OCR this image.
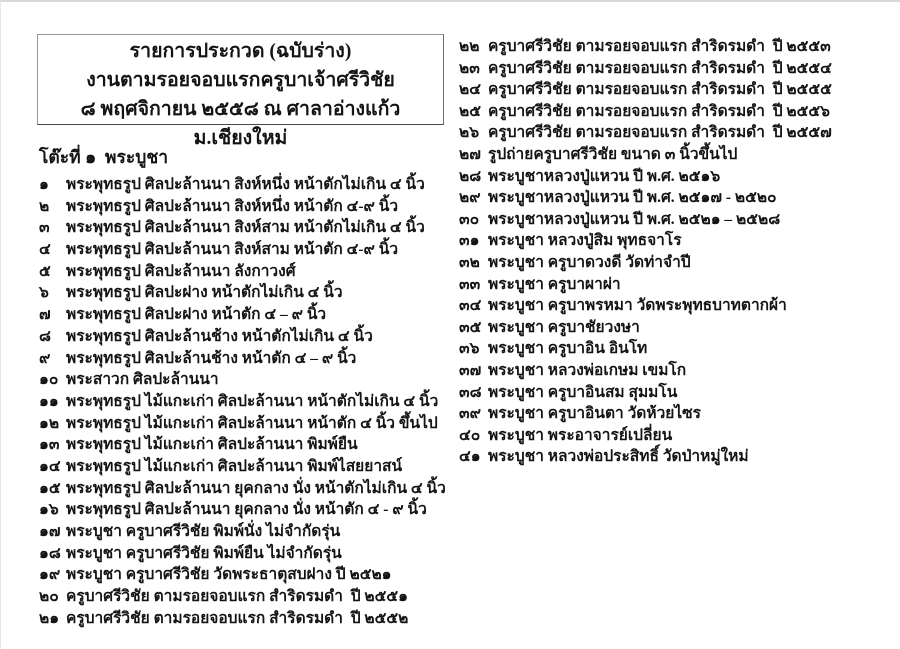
รายการประกวด (ฉบับร่าง)
งานตามรอยจอบแรกครูบาเจ้าศรีวิชัย
๘ พฤศจิกายน ๒๕๕๘ ณ ศาลาอ่างแก้ว ม.เชียงใหม่
โต๊ะที่ ๑  พระบูชา
๑	พระพุทธรูป ศิลปะล้านนา สิงห์หนึ่ง หน้าตักไม่เกิน ๔ นิ้ว
๒	พระพุทธรูป ศิลปะล้านนา สิงห์หนึ่ง หน้าตัก ๔-๙ นิ้ว
๓	พระพุทธรูป ศิลปะล้านนา สิงห์สาม หน้าตักไม่เกิน ๔ นิ้ว
๔ พระพุทธรูป ศิลปะล้านนา สิงห์สาม หน้าตัก ๔-๙ นิ้ว
๕ พระพุทธรูป ศิลปะล้านนา ลังกาวงศ์
๖	พระพุทธรูป ศิลปะฝาง หน้าตักไม่เกิน ๔ นิ้ว
๗ พระพุทธรูป ศิลปะฝาง หน้าตัก ๔ – ๙ นิ้ว
๘ พระพุทธรูป ศิลปะล้านช้าง หน้าตักไม่เกิน ๔ นิ้ว
๙	พระพุทธรูป ศิลปะล้านช้าง หน้าตัก ๔ – ๙ นิ้ว
๑๐ พระสาวก ศิลปะล้านนา
๑๑ พระพุทธรูป ไม้แกะเก่า ศิลปะล้านนา หน้าตักไม่เกิน ๔ นิ้ว
๑๒ พระพุทธรูป ไม้แกะเก่า ศิลปะล้านนา หน้าตัก ๔ นิ้ว ขึ้นไป
๑๓ พระพุทธรูป ไม้แกะเก่า ศิลปะล้านนา พิมพ์ยืน
๑๔ พระพุทธรูป ไม้แกะเก่า ศิลปะล้านนา พิมพ์ไสยยาสน์
๑๕ พระพุทธรูป ศิลปะล้านนา ยุคกลาง นั่ง หน้าตักไม่เกิน ๔ นิ้ว
๑๖ พระพุทธรูป ศิลปะล้านนา ยุคกลาง นั่ง หน้าตัก ๔ - ๙ นิ้ว
๑๗ พระบูชา ครูบาศรีวิชัย พิมพ์นั่ง ไม่จำกัดรุ่น
๑๘ พระบูชา ครูบาศรีวิชัย พิมพ์ยืน ไม่จำกัดรุ่น
๑๙ พระบูชา ครูบาศรีวิชัย วัดพระธาตุสบฝาง ปี ๒๕๒๑
๒๐ ครูบาศรีวิชัย ตามรอยจอบแรก สำริดรมดำ  ปี ๒๕๕๑
๒๑ ครูบาศรีวิชัย ตามรอยจอบแรก สำริดรมดำ  ปี ๒๕๕๒
๒๒ ครูบาศรีวิชัย ตามรอยจอบแรก สำริดรมดำ  ปี ๒๕๕๓
๒๓ ครูบาศรีวิชัย ตามรอยจอบแรก สำริดรมดำ  ปี ๒๕๕๔
๒๔ ครูบาศรีวิชัย ตามรอยจอบแรก สำริดรมดำ  ปี ๒๕๕๕
๒๕ ครูบาศรีวิชัย ตามรอยจอบแรก สำริดรมดำ  ปี ๒๕๕๖
๒๖ ครูบาศรีวิชัย ตามรอยจอบแรก สำริดรมดำ  ปี ๒๕๕๗
๒๗ รูปถ่ายครูบาศรีวิชัย ขนาด ๓ นิ้วขึ้นไป
๒๘ พระบูชาหลวงปู่แหวน ปี พ.ศ. ๒๕๑๖
๒๙ พระบูชาหลวงปู่แหวน ปี พ.ศ. ๒๕๑๗ - ๒๕๒๐
๓๐ พระบูชาหลวงปู่แหวน ปี พ.ศ. ๒๕๒๑ – ๒๕๒๘
๓๑ พระบูชา หลวงปู่สิม พุทธจาโร
๓๒ พระบูชา ครูบาดวงดี วัดท่าจำปี
๓๓ พระบูชา ครูบาผาผ่า
๓๔ พระบูชา ครูบาพรหมา วัดพระพุทธบาทตากผ้า
๓๕ พระบูชา ครูบาชัยวงษา
๓๖ พระบูชา ครูบาอิน อินโท
๓๗ พระบูชา หลวงพ่อเกษม เขมโก
๓๘ พระบูชา ครูบาอินสม สุมมโน
๓๙ พระบูชา ครูบาอินตา วัดห้วยไซร
๔๐ พระบูชา พระอาจารย์เปลี่ยน
๔๑ พระบูชา หลวงพ่อประสิทธิ์ วัดป่าหมู่ใหม่
